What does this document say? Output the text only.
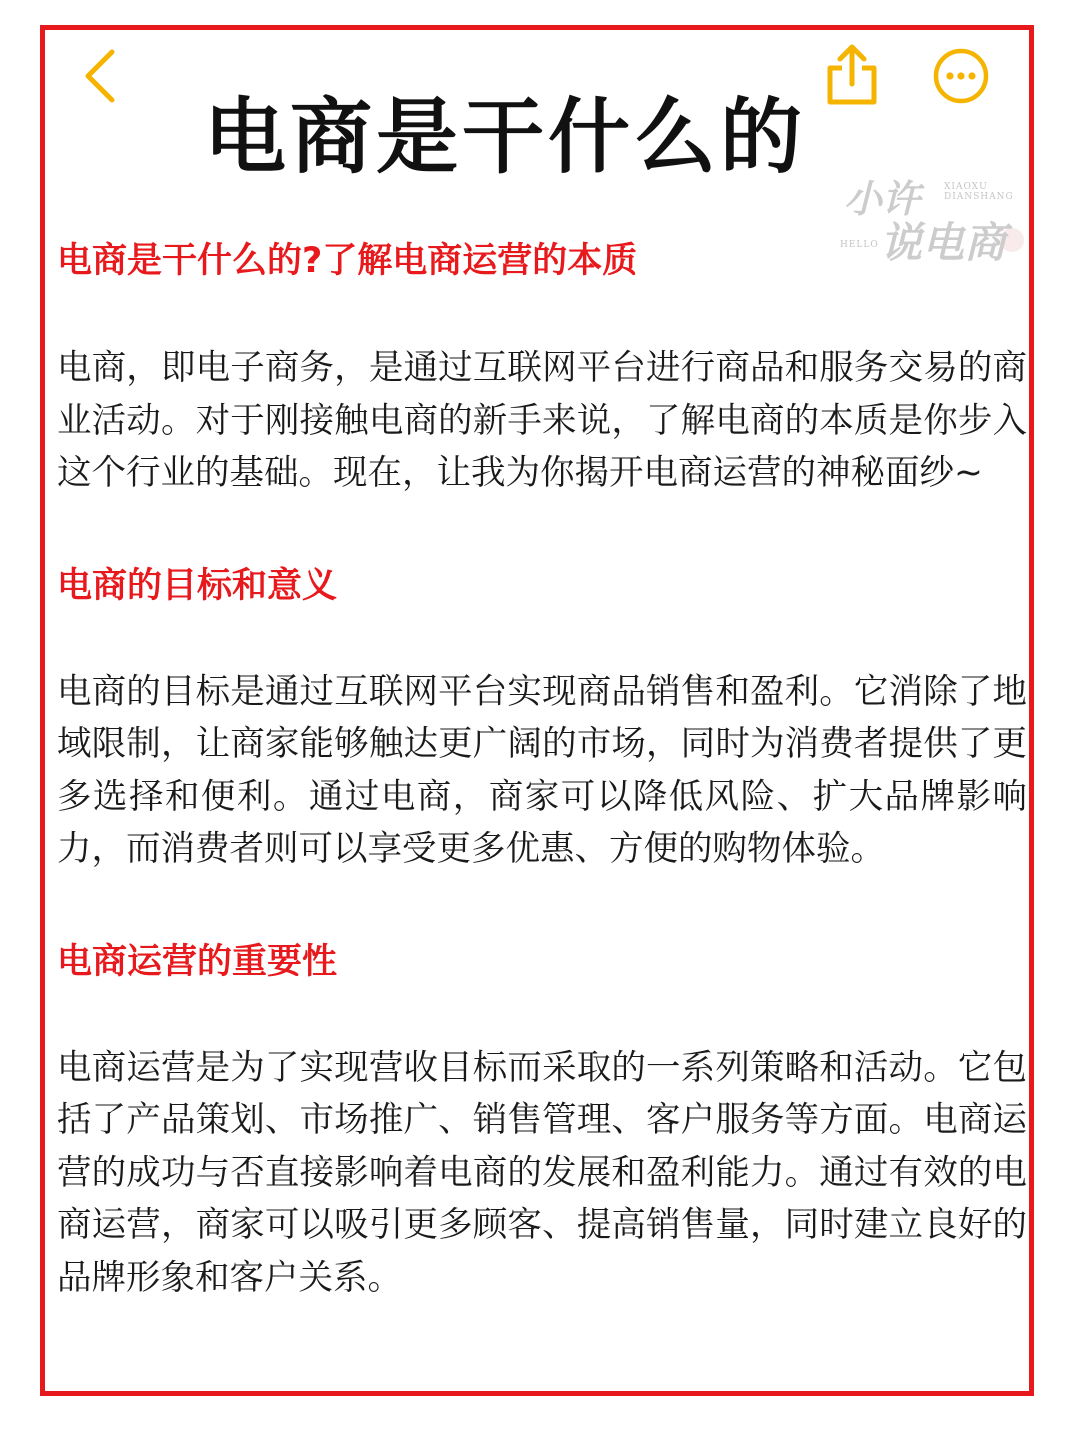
电商是干什么的
小许	XIAOXU DIANSHANG
说电商
HELLO
电商是干什么的?了解电商运营的本质

电商，即电子商务，是通过互联网平台进行商品和服务交易的商业活动。对于刚接触电商的新手来说，了解电商的本质是你步入这个行业的基础。现在，让我为你揭开电商运营的神秘面纱~

电商的目标和意义

电商的目标是通过互联网平台实现商品销售和盈利。它消除了地域限制，让商家能够触达更广阔的市场，同时为消费者提供了更多选择和便利。通过电商，商家可以降低风险、扩大品牌影响力，而消费者则可以享受更多优惠、方便的购物体验。

电商运营的重要性

电商运营是为了实现营收目标而采取的一系列策略和活动。它包括了产品策划、市场推广、销售管理、客户服务等方面。电商运营的成功与否直接影响着电商的发展和盈利能力。通过有效的电商运营，商家可以吸引更多顾客、提高销售量，同时建立良好的品牌形象和客户关系。
